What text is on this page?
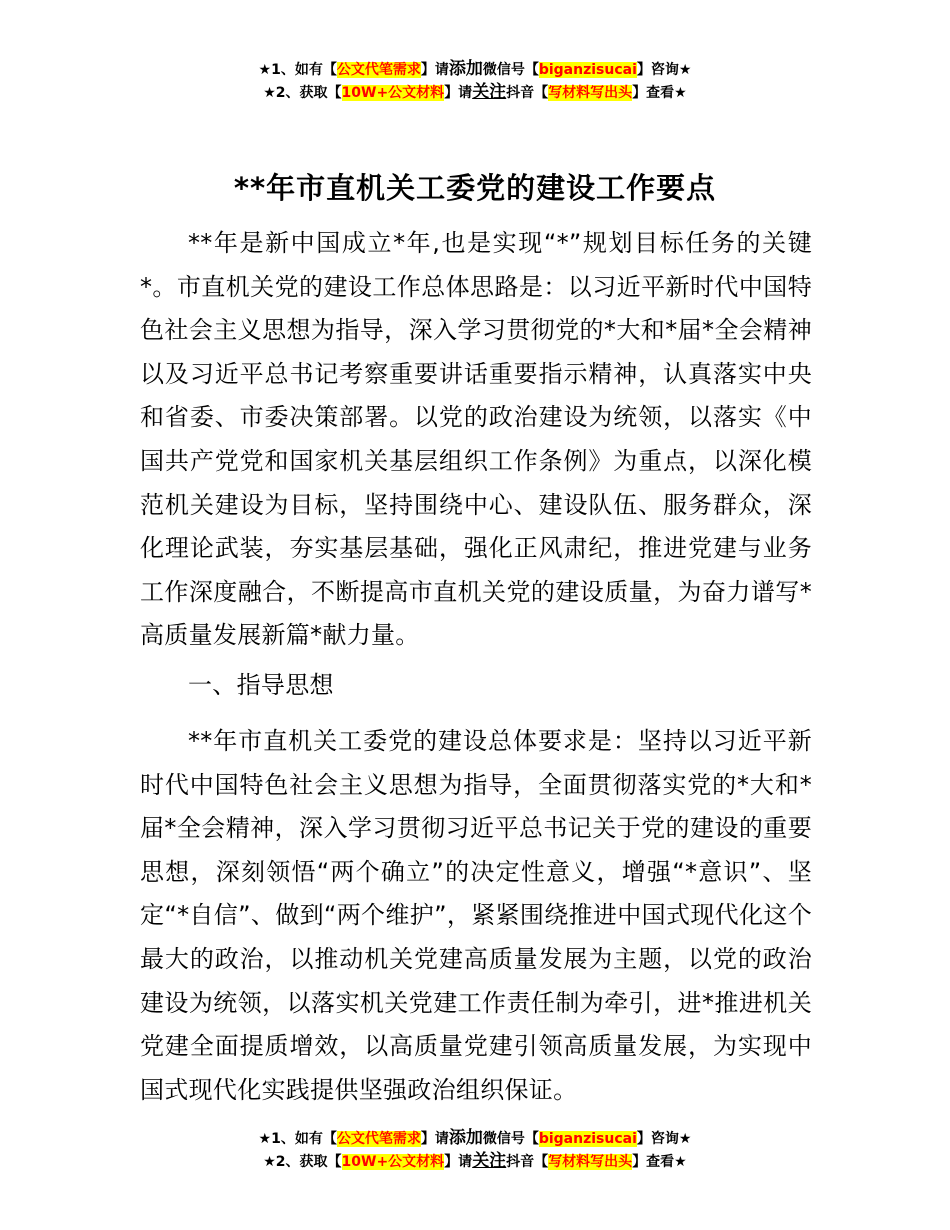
★1、如有【公文代笔需求】请添加微信号【biganzisucai】咨询★
★2、获取【10W+公文材料】请关注抖音【写材料写出头】查看★
**年市直机关工委党的建设工作要点

**年是新中国成立*年,也是实现“*”规划目标任务的关键*。市直机关党的建设工作总体思路是：以习近平新时代中国特色社会主义思想为指导，深入学习贯彻党的*大和*届*全会精神以及习近平总书记考察重要讲话重要指示精神，认真落实中央和省委、市委决策部署。以党的政治建设为统领，以落实《中国共产党党和国家机关基层组织工作条例》为重点，以深化模范机关建设为目标，坚持围绕中心、建设队伍、服务群众，深化理论武装，夯实基层基础，强化正风肃纪，推进党建与业务工作深度融合，不断提高市直机关党的建设质量，为奋力谱写*高质量发展新篇*献力量。

一、指导思想

**年市直机关工委党的建设总体要求是：坚持以习近平新时代中国特色社会主义思想为指导，全面贯彻落实党的*大和*届*全会精神，深入学习贯彻习近平总书记关于党的建设的重要思想，深刻领悟“两个确立”的决定性意义，增强“*意识”、坚定“*自信”、做到“两个维护”，紧紧围绕推进中国式现代化这个最大的政治，以推动机关党建高质量发展为主题，以党的政治建设为统领，以落实机关党建工作责任制为牵引，进*推进机关党建全面提质增效，以高质量党建引领高质量发展，为实现中国式现代化实践提供坚强政治组织保证。

★1、如有【公文代笔需求】请添加微信号【biganzisucai】咨询★
★2、获取【10W+公文材料】请关注抖音【写材料写出头】查看★
